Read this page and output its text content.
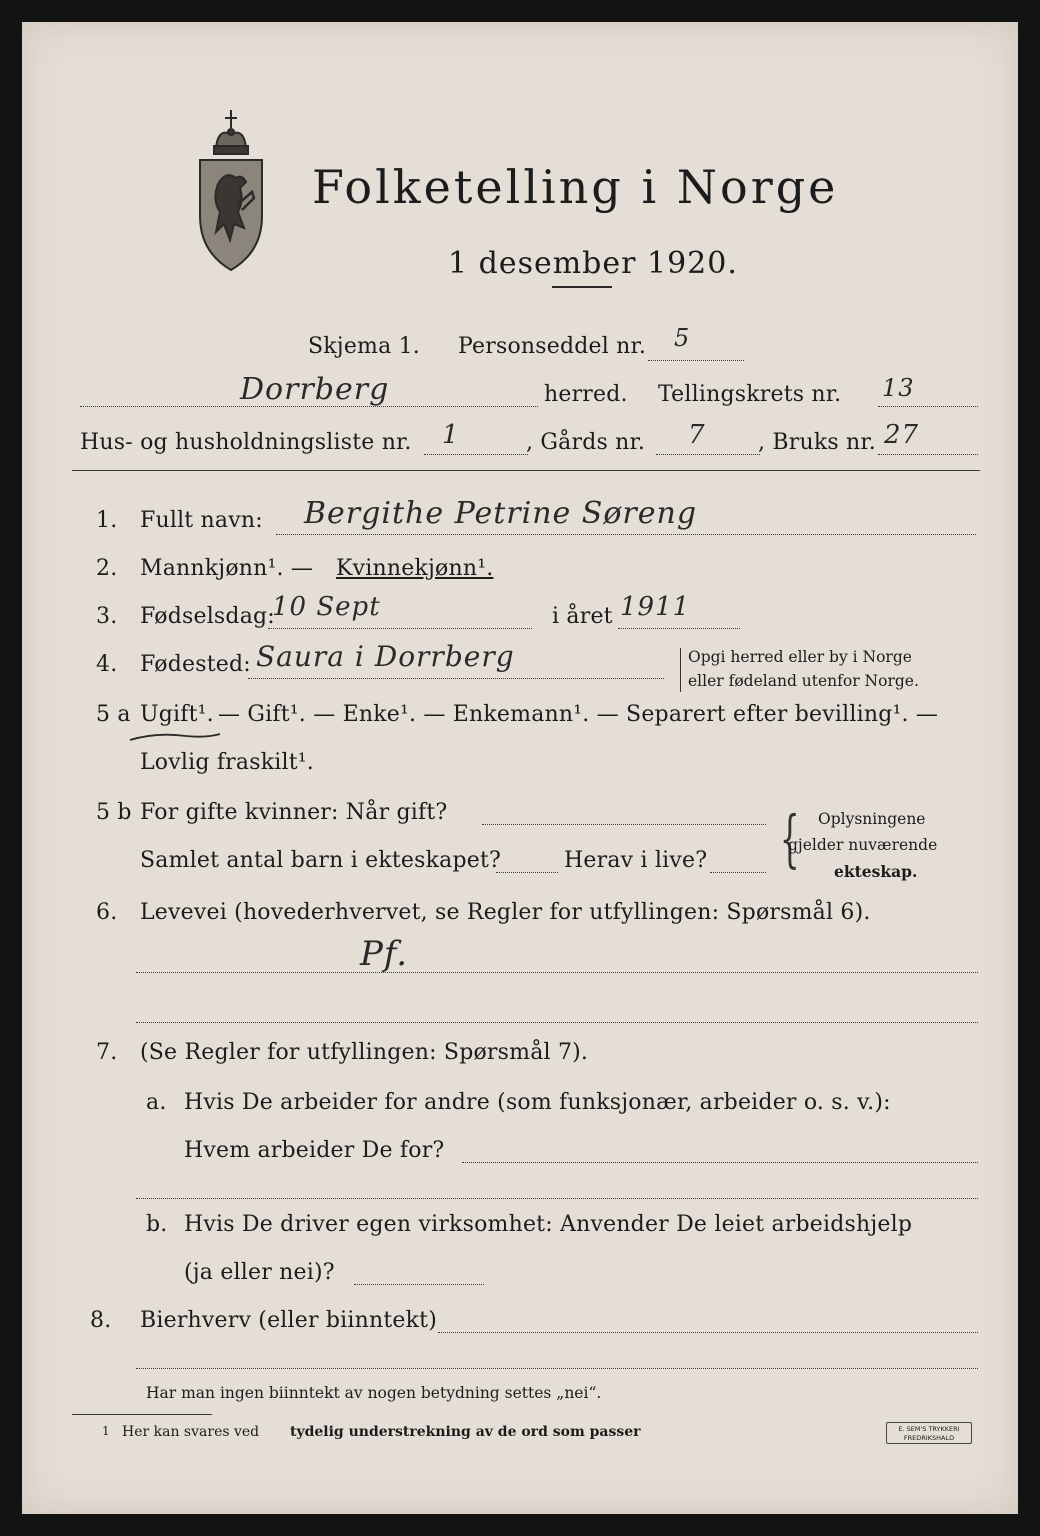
Folketelling i Norge
1 desember 1920.
Skjema 1. Personseddel nr. 5
Dorrberg	herred. Tellingskrets nr. 13
Hus- og husholdningsliste nr. 1	, Gårds nr. 7 , Bruks nr. 27
1. Fullt navn: Bergithe Petrine Søreng
2. Mannkjønn¹. — Kvinnekjønn¹.
3. Fødselsdag:
10 Sept	i året 1911
4. Fødested: Saura i Dorrberg	Opgi herred eller by i Norge
eller fødeland utenfor Norge.
5 a Ugift¹. — Gift¹. — Enke¹. — Enkemann¹. — Separert efter bevilling¹. —
Lovlig fraskilt¹.
5 b For gifte kvinner: Når gift?
Samlet antal barn i ekteskapet?	Herav i live? { Oplysningene
gjelder nuværende
ekteskap.
6. Levevei (hovederhvervet, se Regler for utfyllingen: Spørsmål 6).
Pf.
7. (Se Regler for utfyllingen: Spørsmål 7).
a. Hvis De arbeider for andre (som funksjonær, arbeider o. s. v.):
Hvem arbeider De for?
b. Hvis De driver egen virksomhet: Anvender De leiet arbeidshjelp
(ja eller nei)?
8. Bierhverv (eller biinntekt)
Har man ingen biinntekt av nogen betydning settes „nei“.
1 Her kan svares ved tydelig understrekning av de ord som passer	E. SEM'S TRYKKERI
FREDRIKSHALD
